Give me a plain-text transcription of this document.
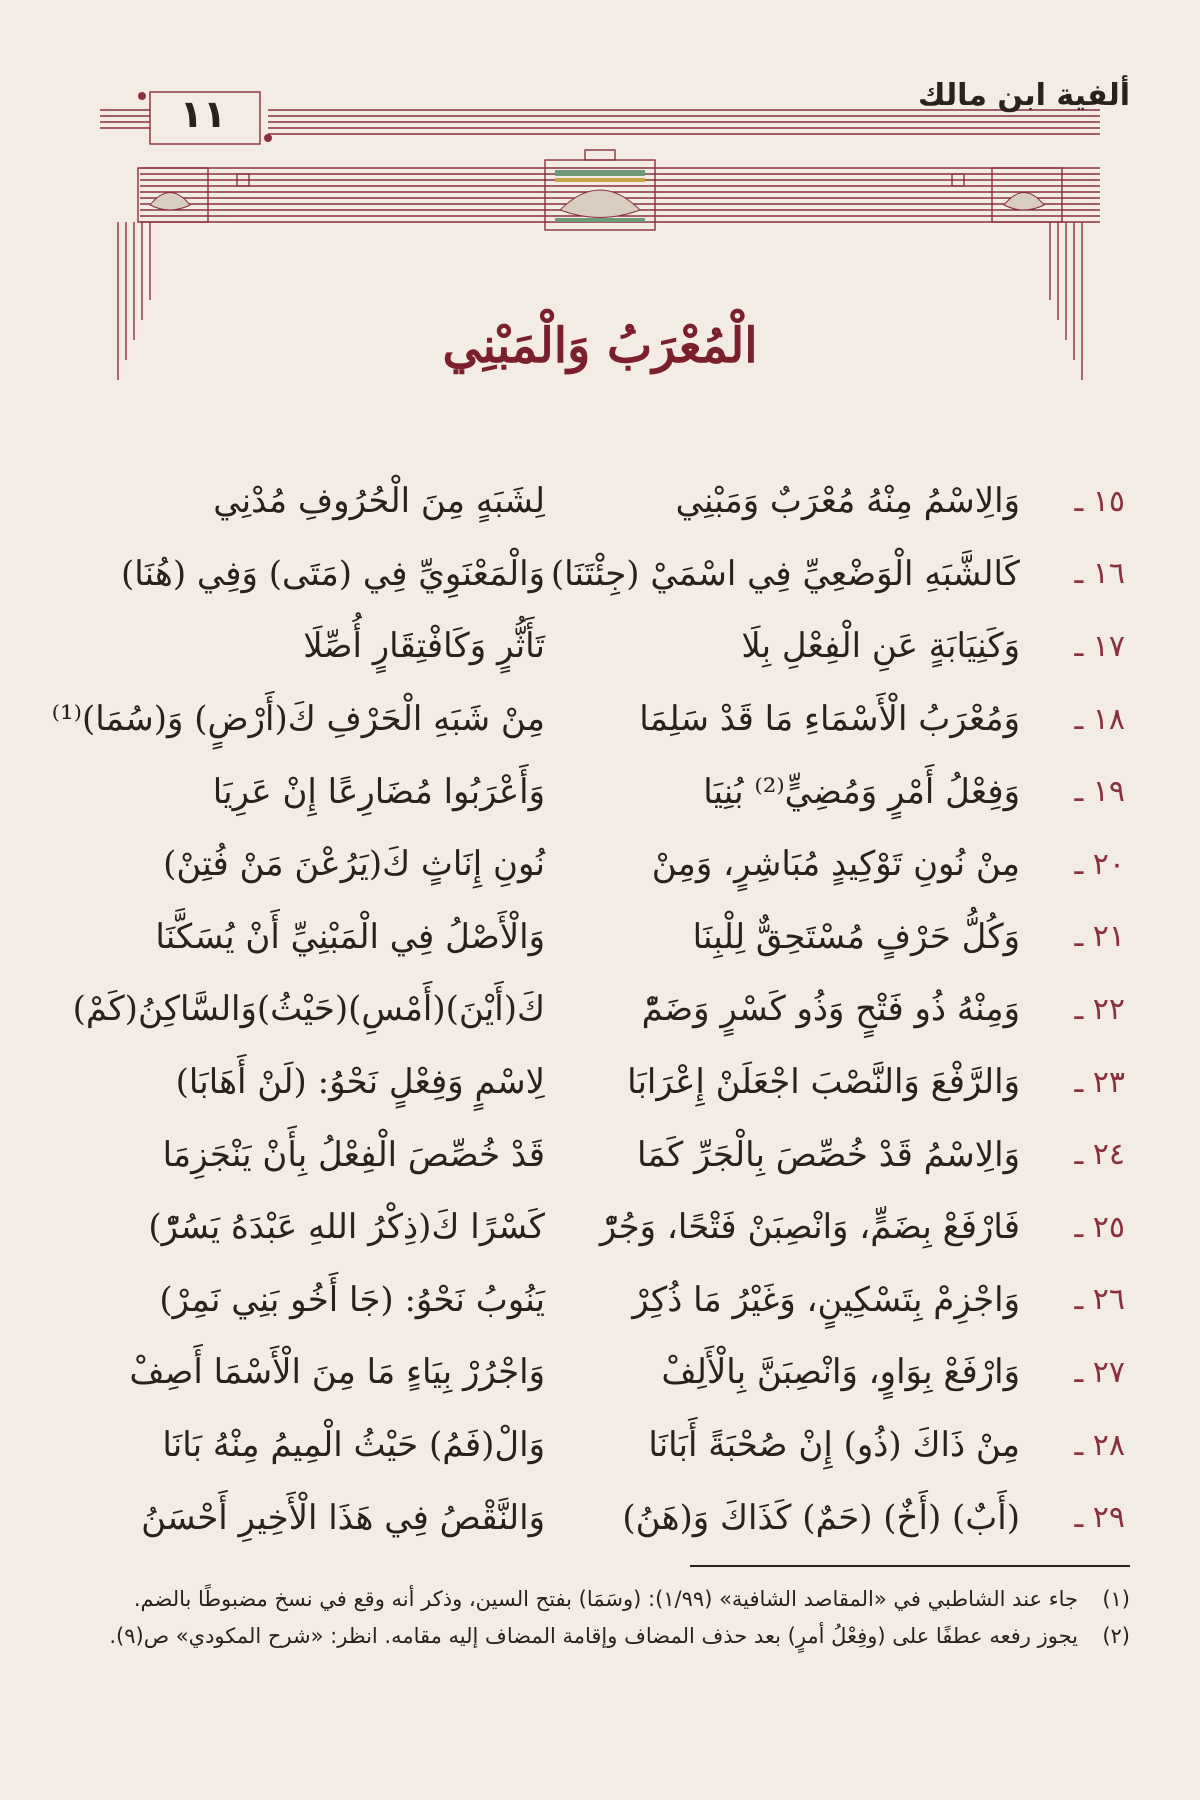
ألفية ابن مالك
١١
الْمُعْرَبُ وَالْمَبْنِي
١٥ ـ
وَالِاسْمُ مِنْهُ مُعْرَبٌ وَمَبْنِي
لِشَبَهٍ مِنَ الْحُرُوفِ مُدْنِي
١٦ ـ
كَالشَّبَهِ الْوَضْعِيِّ فِي اسْمَيْ (جِئْتَنَا)
وَالْمَعْنَوِيِّ فِي (مَتَى) وَفِي (هُنَا)
١٧ ـ
وَكَنِيَابَةٍ عَنِ الْفِعْلِ بِلَا
تَأَثُّرٍ وَكَافْتِقَارٍ أُصِّلَا
١٨ ـ
وَمُعْرَبُ الْأَسْمَاءِ مَا قَدْ سَلِمَا
مِنْ شَبَهِ الْحَرْفِ كَ(أَرْضٍ) وَ(سُمَا)⁽¹⁾
١٩ ـ
وَفِعْلُ أَمْرٍ وَمُضِيٍّ⁽²⁾ بُنِيَا
وَأَعْرَبُوا مُضَارِعًا إِنْ عَرِيَا
٢٠ ـ
مِنْ نُونِ تَوْكِيدٍ مُبَاشِرٍ، وَمِنْ
نُونِ إِنَاثٍ كَ(يَرُعْنَ مَنْ فُتِنْ)
٢١ ـ
وَكُلُّ حَرْفٍ مُسْتَحِقٌّ لِلْبِنَا
وَالْأَصْلُ فِي الْمَبْنِيِّ أَنْ يُسَكَّنَا
٢٢ ـ
وَمِنْهُ ذُو فَتْحٍ وَذُو كَسْرٍ وَضَمّْ
كَ(أَيْنَ)(أَمْسِ)(حَيْثُ)وَالسَّاكِنُ(كَمْ)
٢٣ ـ
وَالرَّفْعَ وَالنَّصْبَ اجْعَلَنْ إِعْرَابَا
لِاسْمٍ وَفِعْلٍ نَحْوُ: (لَنْ أَهَابَا)
٢٤ ـ
وَالِاسْمُ قَدْ خُصِّصَ بِالْجَرِّ كَمَا
قَدْ خُصِّصَ الْفِعْلُ بِأَنْ يَنْجَزِمَا
٢٥ ـ
فَارْفَعْ بِضَمٍّ، وَانْصِبَنْ فَتْحًا، وَجُرّْ
كَسْرًا كَ(ذِكْرُ اللهِ عَبْدَهُ يَسُرّْ)
٢٦ ـ
وَاجْزِمْ بِتَسْكِينٍ، وَغَيْرُ مَا ذُكِرْ
يَنُوبُ نَحْوُ: (جَا أَخُو بَنِي نَمِرْ)
٢٧ ـ
وَارْفَعْ بِوَاوٍ، وَانْصِبَنَّ بِالْأَلِفْ
وَاجْرُرْ بِيَاءٍ مَا مِنَ الْأَسْمَا أَصِفْ
٢٨ ـ
مِنْ ذَاكَ (ذُو) إِنْ صُحْبَةً أَبَانَا
وَالْ(فَمُ) حَيْثُ الْمِيمُ مِنْهُ بَانَا
٢٩ ـ
(أَبٌ) (أَخٌ) (حَمٌ) كَذَاكَ وَ(هَنُ)
وَالنَّقْصُ فِي هَذَا الْأَخِيرِ أَحْسَنُ
(١)
جاء عند الشاطبي في «المقاصد الشافية» (١/٩٩): (وسَمَا) بفتح السين، وذكر أنه وقع في نسخ مضبوطًا بالضم.
(٢)
يجوز رفعه عطفًا على (وفِعْلُ أمرٍ) بعد حذف المضاف وإقامة المضاف إليه مقامه. انظر: «شرح المكودي» ص(٩).
